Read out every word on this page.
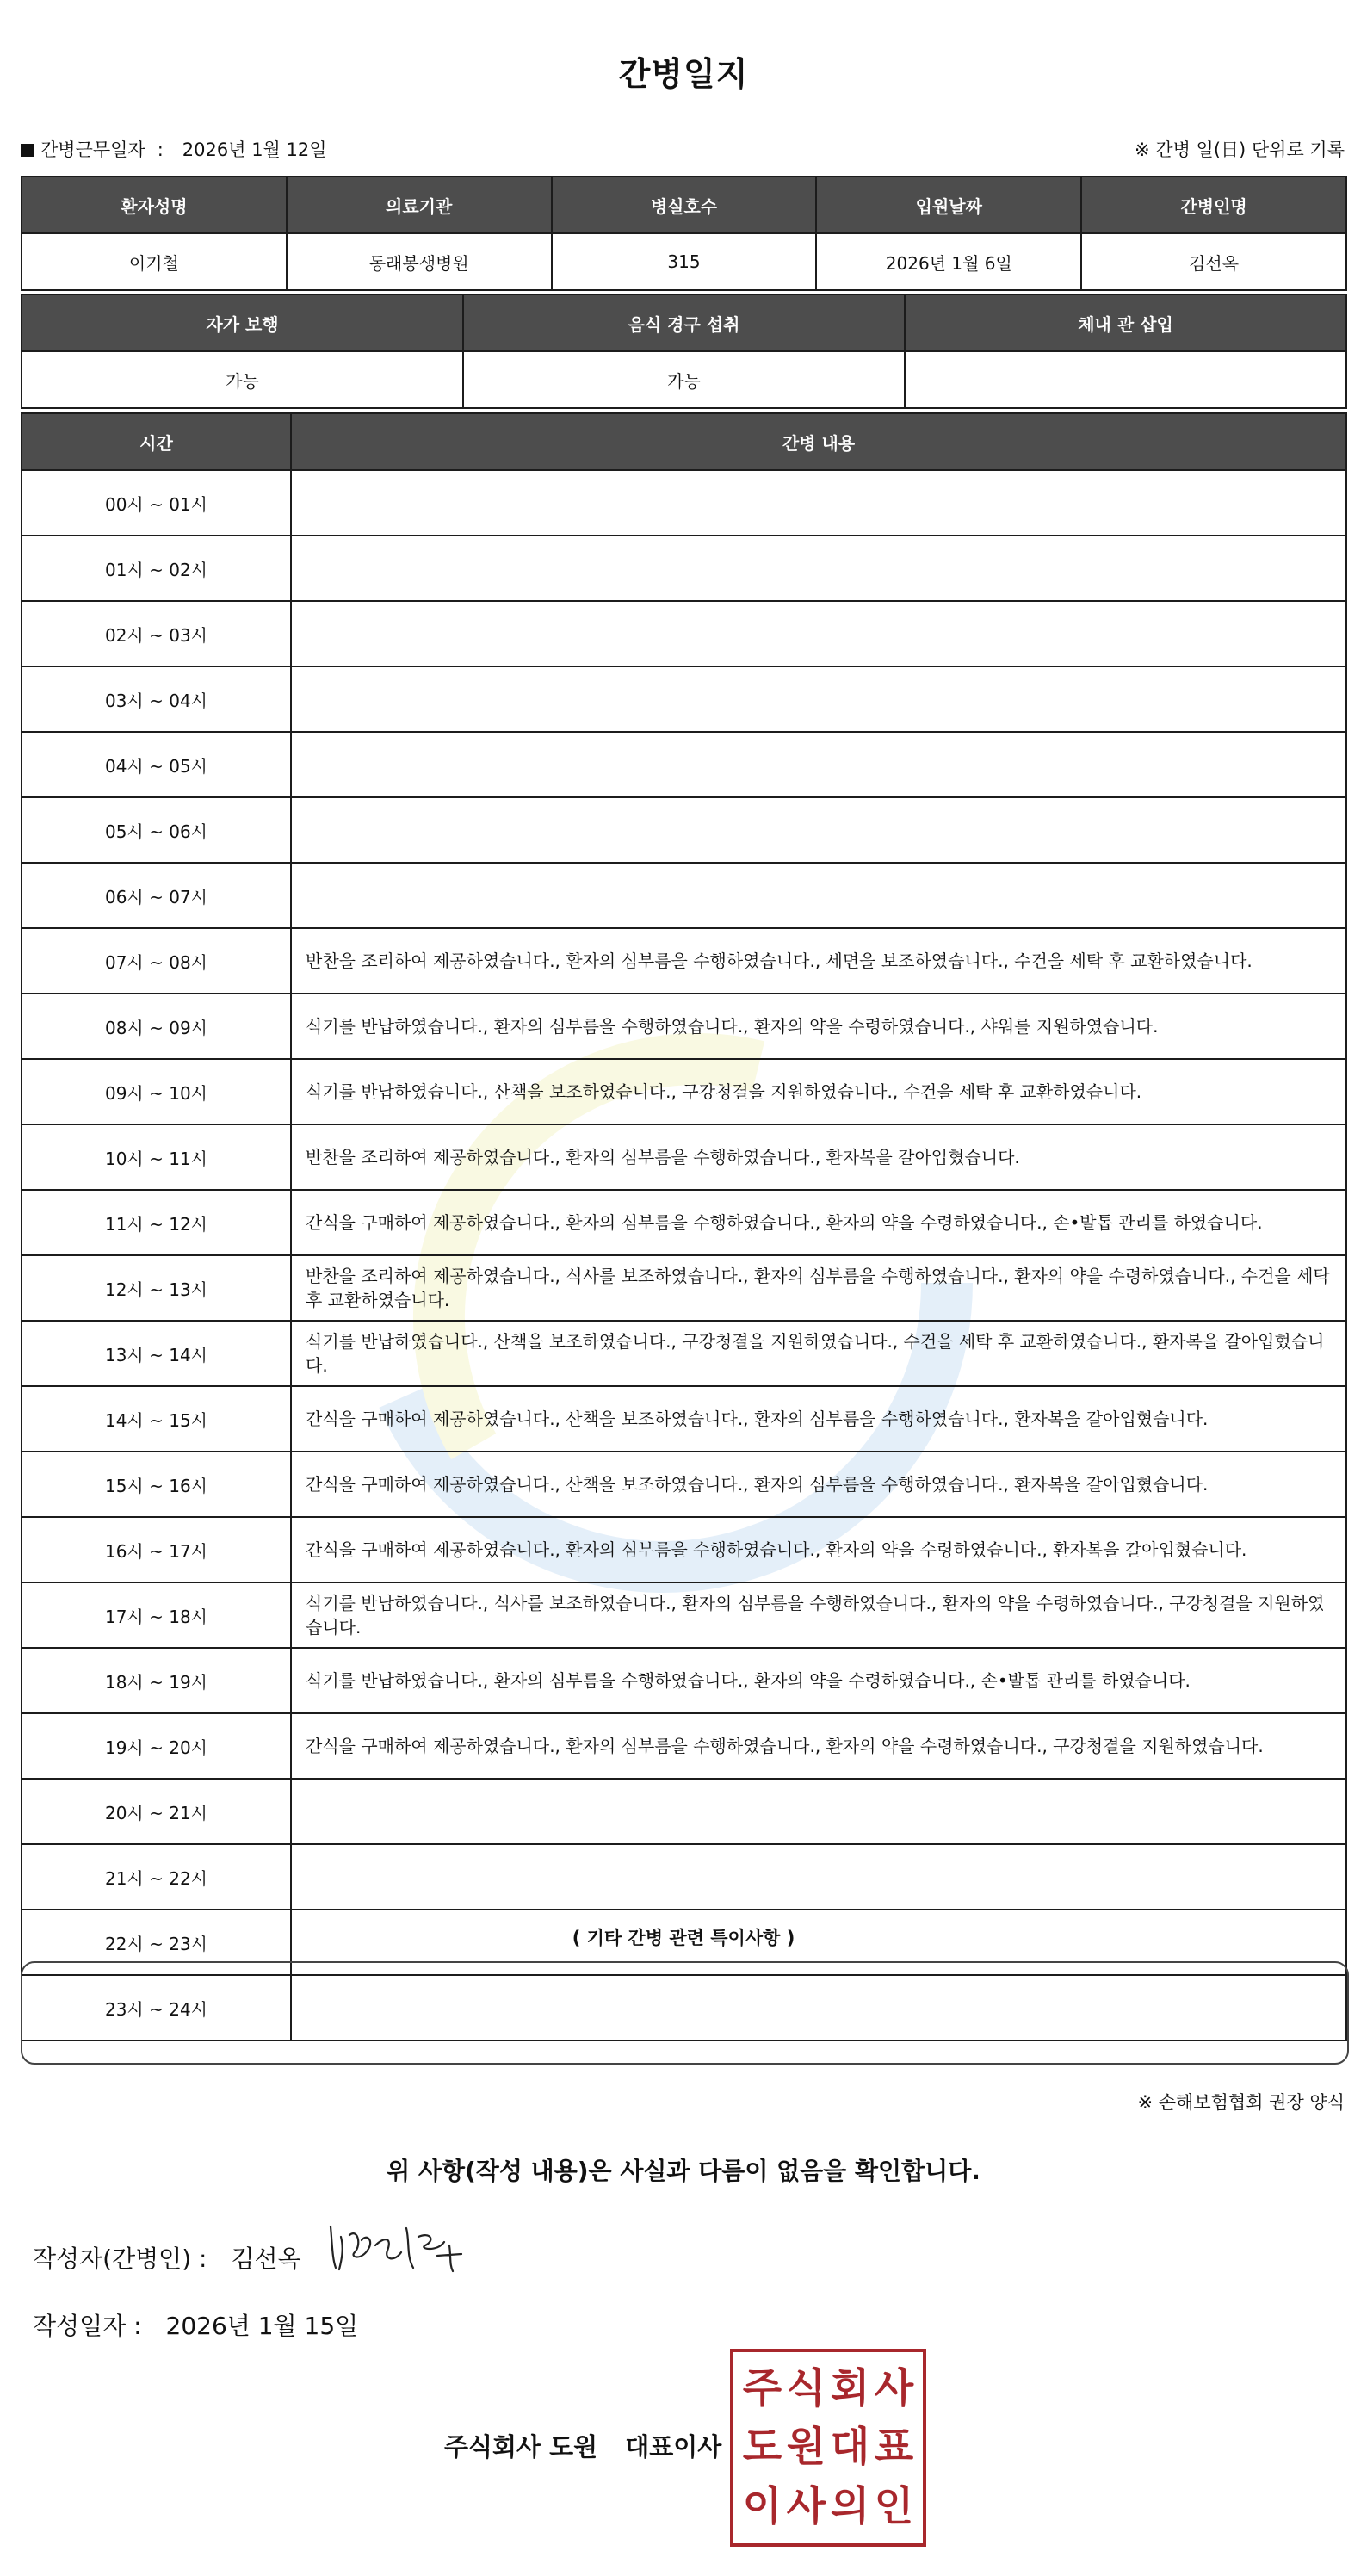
간병일지
간병근무일자 : 2026년 1월 12일	※ 간병 일(日) 단위로 기록
환자성명	의료기관	병실호수	입원날짜	간병인명
이기철	동래봉생병원	315	2026년 1월 6일	김선옥
자가 보행	음식 경구 섭취	체내 관 삽입
가능	가능	
시간	간병 내용
00시 ~ 01시	
01시 ~ 02시	
02시 ~ 03시	
03시 ~ 04시	
04시 ~ 05시	
05시 ~ 06시	
06시 ~ 07시	
07시 ~ 08시	반찬을 조리하여 제공하였습니다., 환자의 심부름을 수행하였습니다., 세면을 보조하였습니다., 수건을 세탁 후 교환하였습니다.
08시 ~ 09시	식기를 반납하였습니다., 환자의 심부름을 수행하였습니다., 환자의 약을 수령하였습니다., 샤워를 지원하였습니다.
09시 ~ 10시	식기를 반납하였습니다., 산책을 보조하였습니다., 구강청결을 지원하였습니다., 수건을 세탁 후 교환하였습니다.
10시 ~ 11시	반찬을 조리하여 제공하였습니다., 환자의 심부름을 수행하였습니다., 환자복을 갈아입혔습니다.
11시 ~ 12시	간식을 구매하여 제공하였습니다., 환자의 심부름을 수행하였습니다., 환자의 약을 수령하였습니다., 손•발톱 관리를 하였습니다.
12시 ~ 13시	반찬을 조리하여 제공하였습니다., 식사를 보조하였습니다., 환자의 심부름을 수행하였습니다., 환자의 약을 수령하였습니다., 수건을 세탁 후 교환하였습니다.
13시 ~ 14시	식기를 반납하였습니다., 산책을 보조하였습니다., 구강청결을 지원하였습니다., 수건을 세탁 후 교환하였습니다., 환자복을 갈아입혔습니다.
14시 ~ 15시	간식을 구매하여 제공하였습니다., 산책을 보조하였습니다., 환자의 심부름을 수행하였습니다., 환자복을 갈아입혔습니다.
15시 ~ 16시	간식을 구매하여 제공하였습니다., 산책을 보조하였습니다., 환자의 심부름을 수행하였습니다., 환자복을 갈아입혔습니다.
16시 ~ 17시	간식을 구매하여 제공하였습니다., 환자의 심부름을 수행하였습니다., 환자의 약을 수령하였습니다., 환자복을 갈아입혔습니다.
17시 ~ 18시	식기를 반납하였습니다., 식사를 보조하였습니다., 환자의 심부름을 수행하였습니다., 환자의 약을 수령하였습니다., 구강청결을 지원하였습니다.
18시 ~ 19시	식기를 반납하였습니다., 환자의 심부름을 수행하였습니다., 환자의 약을 수령하였습니다., 손•발톱 관리를 하였습니다.
19시 ~ 20시	간식을 구매하여 제공하였습니다., 환자의 심부름을 수행하였습니다., 환자의 약을 수령하였습니다., 구강청결을 지원하였습니다.
20시 ~ 21시	
21시 ~ 22시	
22시 ~ 23시	
23시 ~ 24시	
( 기타 간병 관련 특이사항 )
※ 손해보험협회 권장 양식
위 사항(작성 내용)은 사실과 다름이 없음을 확인합니다.
작성자(간병인) : 김선옥
작성일자 : 2026년 1월 15일
주식회사 도원 대표이사
주 식 회 사
도 원 대 표
이 사 의 인
